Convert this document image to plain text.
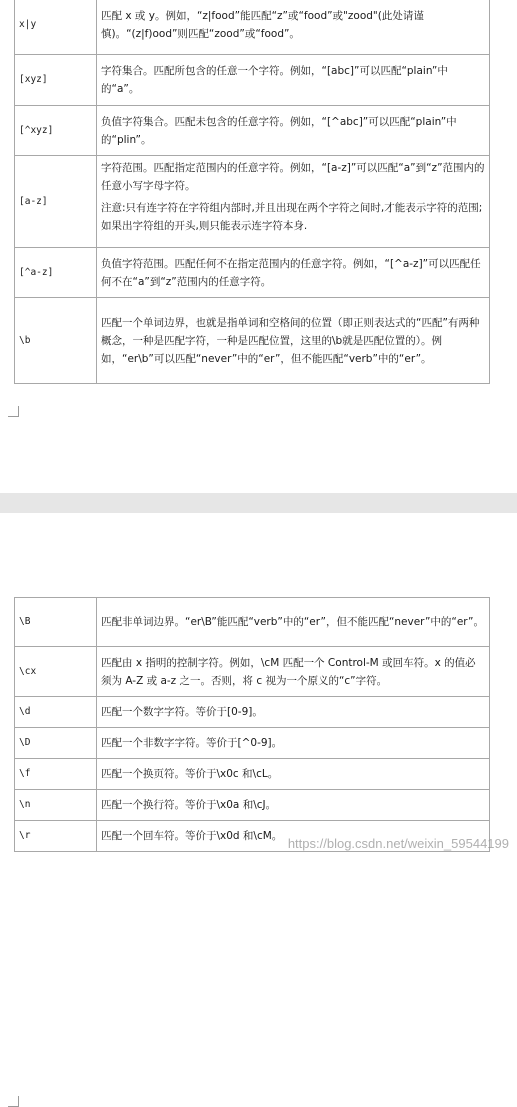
x|y	匹配 x 或 y。例如，“z|food”能匹配“z”或“food”或"zood"(此处请谨慎)。“(z|f)ood”则匹配“zood”或“food”。
[xyz]	字符集合。匹配所包含的任意一个字符。例如，“[abc]”可以匹配“plain”中的“a”。
[^xyz]	负值字符集合。匹配未包含的任意字符。例如，“[^abc]”可以匹配“plain”中的“plin”。
[a-z]	字符范围。匹配指定范围内的任意字符。例如，“[a-z]”可以匹配“a”到“z”范围内的任意小写字母字符。
注意:只有连字符在字符组内部时,并且出现在两个字符之间时,才能表示字符的范围; 如果出字符组的开头,则只能表示连字符本身.

[^a-z]	负值字符范围。匹配任何不在指定范围内的任意字符。例如，“[^a-z]”可以匹配任何不在“a”到“z”范围内的任意字符。
\b	匹配一个单词边界，也就是指单词和空格间的位置（即正则表达式的“匹配”有两种概念，一种是匹配字符，一种是匹配位置，这里的\b就是匹配位置的）。例如，“er\b”可以匹配“never”中的“er”，但不能匹配“verb”中的“er”。
\B	匹配非单词边界。“er\B”能匹配“verb”中的“er”，但不能匹配“never”中的“er”。
\cx	匹配由 x 指明的控制字符。例如，\cM 匹配一个 Control-M 或回车符。x 的值必须为 A-Z 或 a-z 之一。否则，将 c 视为一个原义的“c”字符。
\d	匹配一个数字字符。等价于[0-9]。
\D	匹配一个非数字字符。等价于[^0-9]。
\f	匹配一个换页符。等价于\x0c 和\cL。
\n	匹配一个换行符。等价于\x0a 和\cJ。
\r	匹配一个回车符。等价于\x0d 和\cM。 https://blog.csdn.net/weixin_59544199
